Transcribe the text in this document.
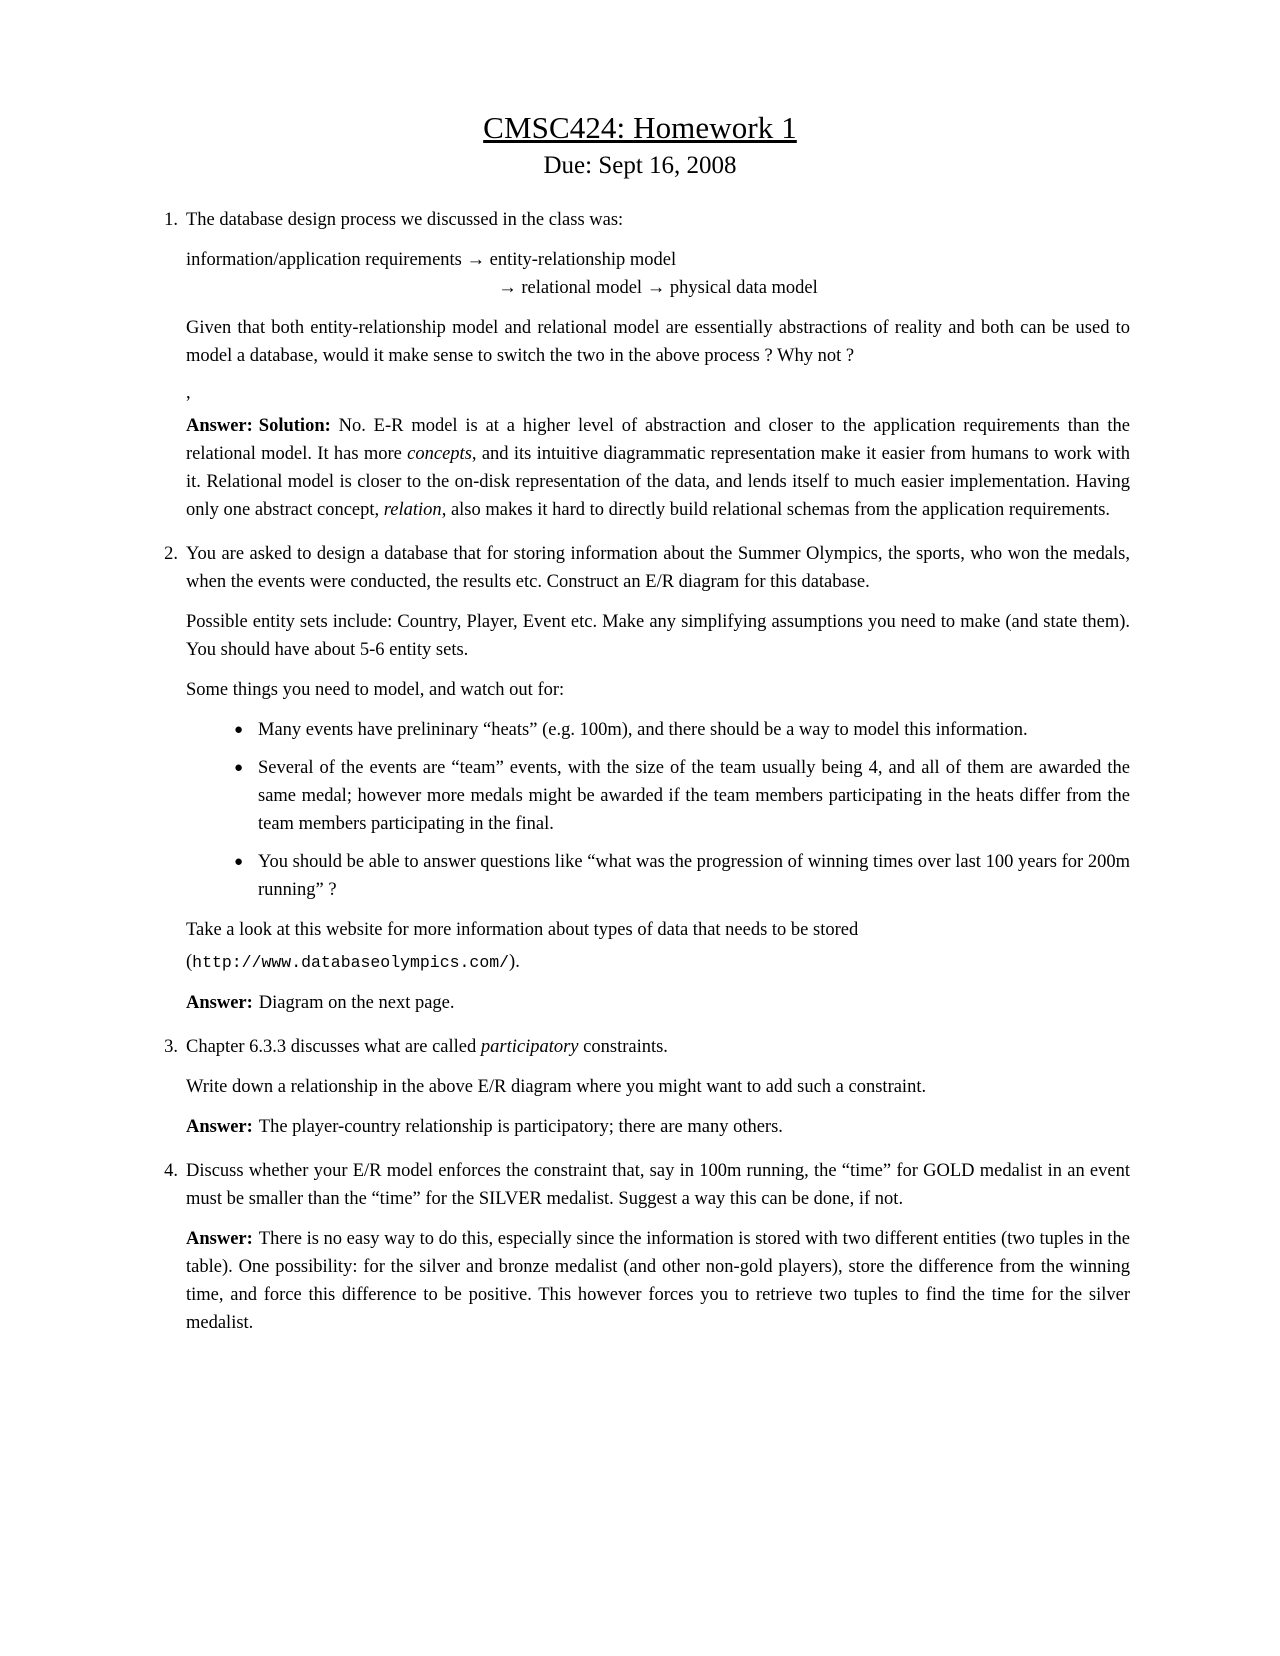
CMSC424: Homework 1
Due: Sept 16, 2008
1. The database design process we discussed in the class was:

information/application requirements → entity-relationship model
→ relational model → physical data model

Given that both entity-relationship model and relational model are essentially abstractions of reality and both can be used to model a database, would it make sense to switch the two in the above process ? Why not ?

,

Answer: Solution: No. E-R model is at a higher level of abstraction and closer to the application requirements than the relational model. It has more concepts, and its intuitive diagrammatic representation make it easier from humans to work with it. Relational model is closer to the on-disk representation of the data, and lends itself to much easier implementation. Having only one abstract concept, relation, also makes it hard to directly build relational schemas from the application requirements.

2. You are asked to design a database that for storing information about the Summer Olympics, the sports, who won the medals, when the events were conducted, the results etc. Construct an E/R diagram for this database.

Possible entity sets include: Country, Player, Event etc. Make any simplifying assumptions you need to make (and state them). You should have about 5-6 entity sets.

Some things you need to model, and watch out for:

● Many events have prelininary “heats” (e.g. 100m), and there should be a way to model this information.
● Several of the events are “team” events, with the size of the team usually being 4, and all of them are awarded the same medal; however more medals might be awarded if the team members participating in the heats differ from the team members participating in the final.
● You should be able to answer questions like “what was the progression of winning times over last 100 years for 200m running” ?

Take a look at this website for more information about types of data that needs to be stored

(http://www.databaseolympics.com/).

Answer: Diagram on the next page.

3. Chapter 6.3.3 discusses what are called participatory constraints.

Write down a relationship in the above E/R diagram where you might want to add such a constraint.

Answer: The player-country relationship is participatory; there are many others.

4. Discuss whether your E/R model enforces the constraint that, say in 100m running, the “time” for GOLD medalist in an event must be smaller than the “time” for the SILVER medalist. Suggest a way this can be done, if not.

Answer: There is no easy way to do this, especially since the information is stored with two different entities (two tuples in the table). One possibility: for the silver and bronze medalist (and other non-gold players), store the difference from the winning time, and force this difference to be positive. This however forces you to retrieve two tuples to find the time for the silver medalist.
